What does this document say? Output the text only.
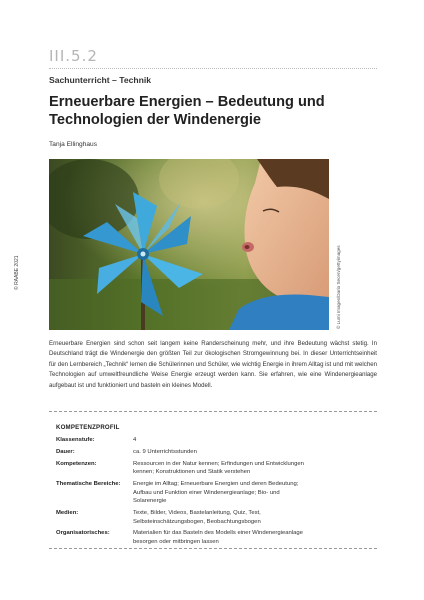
III.5.2
Sachunterricht – Technik
Erneuerbare Energien – Bedeutung und Technologien der Windenergie
Tanja Ellinghaus
© RAABE 2021	© Lumi Images/Dario Secen/gettyimages
Erneuerbare Energien sind schon seit langem keine Randerscheinung mehr, und ihre Bedeutung wächst stetig. In Deutschland trägt die Windenergie den größten Teil zur ökologischen Stromgewinnung bei. In dieser Unterrichtseinheit für den Lernbereich „Technik“ lernen die Schülerinnen und Schüler, wie wichtig Energie in ihrem Alltag ist und mit welchen Technologien auf umweltfreundliche Weise Energie erzeugt werden kann. Sie erfahren, wie eine Windenergieanlage aufgebaut ist und funktioniert und basteln ein kleines Modell.
KOMPETENZPROFIL
Klassenstufe:	4
Dauer:	ca. 9 Unterrichtsstunden
Kompetenzen:	Ressourcen in der Natur kennen; Erfindungen und Entwicklungen kennen; Konstruktionen und Statik verstehen
Thematische Bereiche:	Energie im Alltag; Erneuerbare Energien und deren Bedeutung; Aufbau und Funktion einer Windenergieanlage; Bio- und Solarenergie
Medien:	Texte, Bilder, Videos, Bastelanleitung, Quiz, Test, Selbsteinschätzungsbogen, Beobachtungsbogen
Organisatorisches:	Materialien für das Basteln des Modells einer Windenergieanlage besorgen oder mitbringen lassen
